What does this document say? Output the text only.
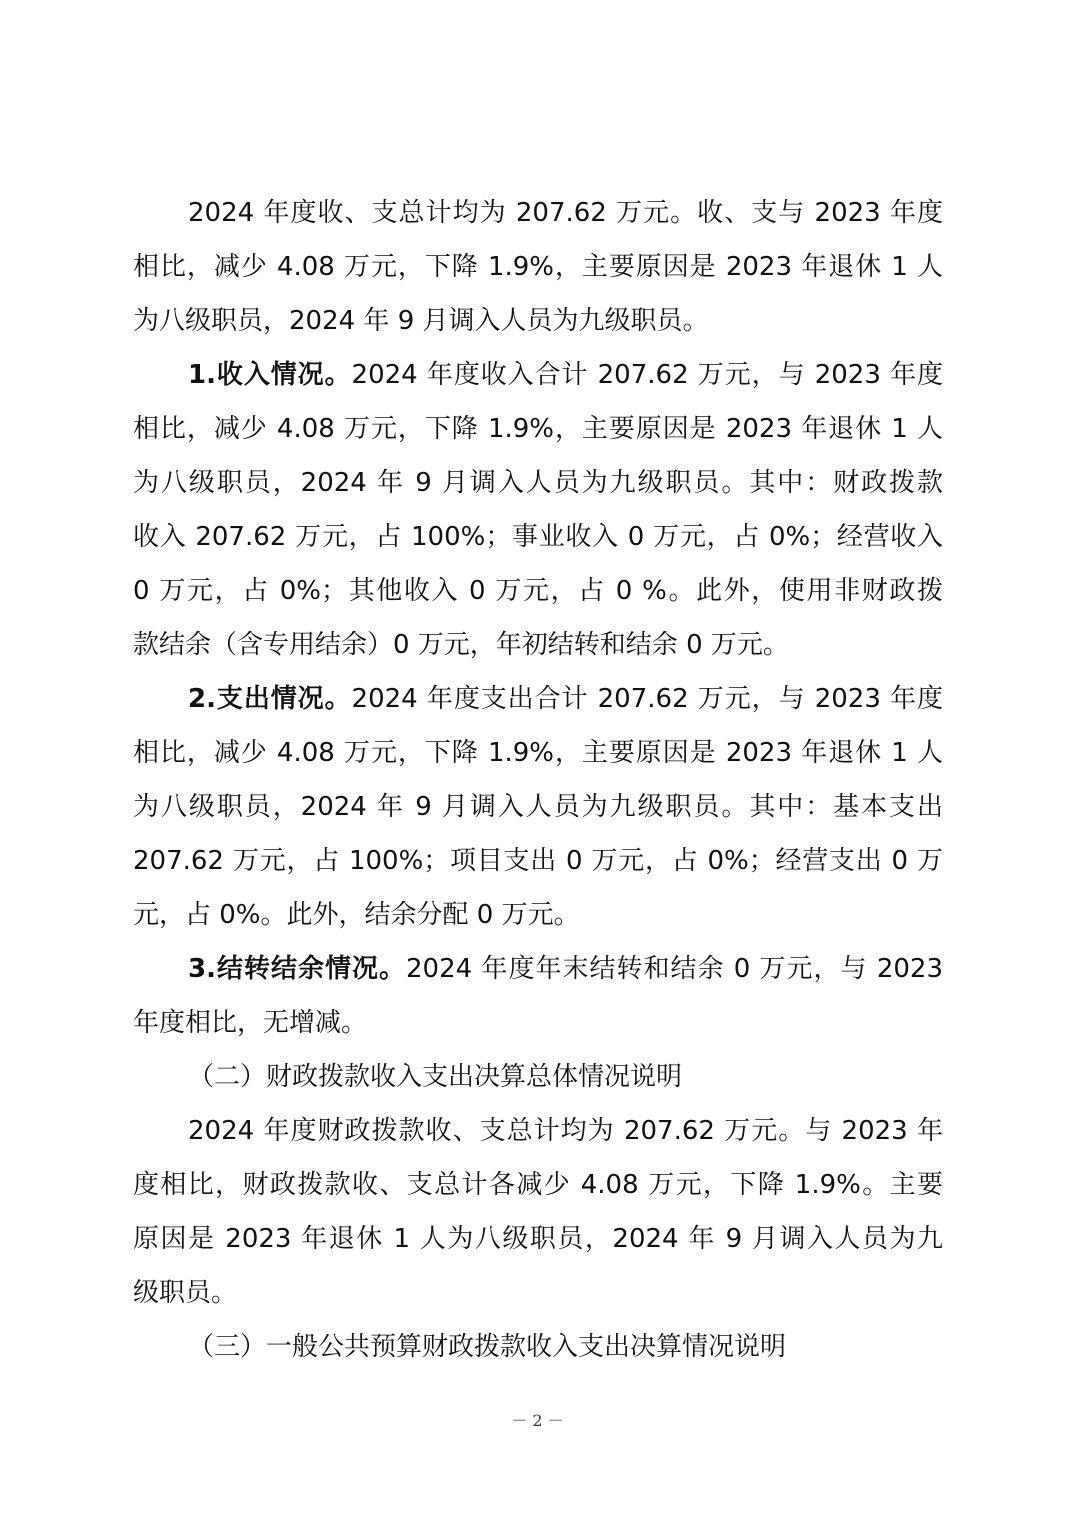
2024 年度收、支总计均为 207.62 万元。收、支与 2023 年度
相比，减少 4.08 万元，下降 1.9%，主要原因是 2023 年退休 1 人
为八级职员，2024 年 9 月调入人员为九级职员。
1.收入情况。2024 年度收入合计 207.62 万元，与 2023 年度
相比，减少 4.08 万元，下降 1.9%，主要原因是 2023 年退休 1 人
为八级职员，2024 年 9 月调入人员为九级职员。其中：财政拨款
收入 207.62 万元，占 100%；事业收入 0 万元，占 0%；经营收入
0 万元，占 0%；其他收入 0 万元，占 0 %。此外，使用非财政拨
款结余（含专用结余）0 万元，年初结转和结余 0 万元。
2.支出情况。2024 年度支出合计 207.62 万元，与 2023 年度
相比，减少 4.08 万元，下降 1.9%，主要原因是 2023 年退休 1 人
为八级职员，2024 年 9 月调入人员为九级职员。其中：基本支出
207.62 万元，占 100%；项目支出 0 万元，占 0%；经营支出 0 万
元，占 0%。此外，结余分配 0 万元。
3.结转结余情况。2024 年度年末结转和结余 0 万元，与 2023
年度相比，无增减。
（二）财政拨款收入支出决算总体情况说明
2024 年度财政拨款收、支总计均为 207.62 万元。与 2023 年
度相比，财政拨款收、支总计各减少 4.08 万元，下降 1.9%。主要
原因是 2023 年退休 1 人为八级职员，2024 年 9 月调入人员为九
级职员。
（三）一般公共预算财政拨款收入支出决算情况说明
－ 2 －
